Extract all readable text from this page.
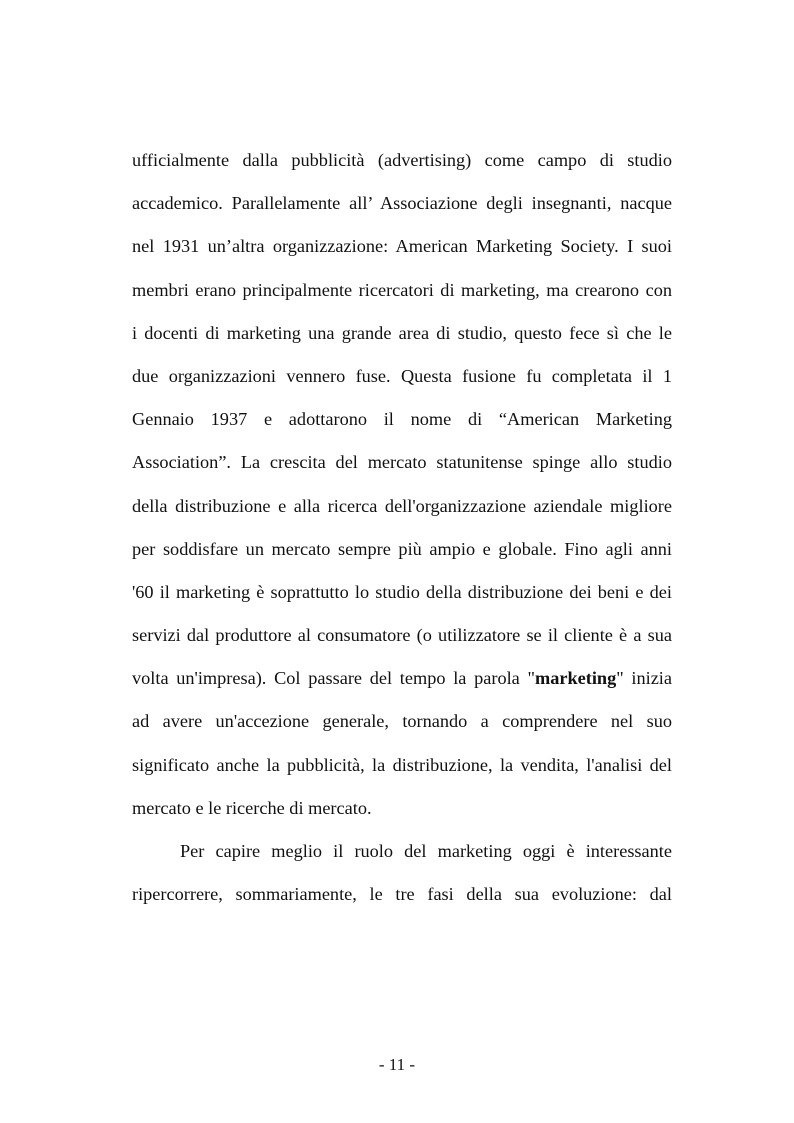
ufficialmente dalla pubblicità (advertising) come campo di studio
accademico. Parallelamente all’ Associazione degli insegnanti, nacque
nel 1931 un’altra organizzazione: American Marketing Society. I suoi
membri erano principalmente ricercatori di marketing, ma crearono con
i docenti di marketing una grande area di studio, questo fece sì che le
due organizzazioni vennero fuse. Questa fusione fu completata il 1
Gennaio 1937 e adottarono il nome di “American Marketing
Association”. La crescita del mercato statunitense spinge allo studio
della distribuzione e alla ricerca dell'organizzazione aziendale migliore
per soddisfare un mercato sempre più ampio e globale. Fino agli anni
'60 il marketing è soprattutto lo studio della distribuzione dei beni e dei
servizi dal produttore al consumatore (o utilizzatore se il cliente è a sua
volta un'impresa). Col passare del tempo la parola "marketing" inizia
ad avere un'accezione generale, tornando a comprendere nel suo
significato anche la pubblicità, la distribuzione, la vendita, l'analisi del
mercato e le ricerche di mercato.
Per capire meglio il ruolo del marketing oggi è interessante
ripercorrere, sommariamente, le tre fasi della sua evoluzione: dal
- 11 -
